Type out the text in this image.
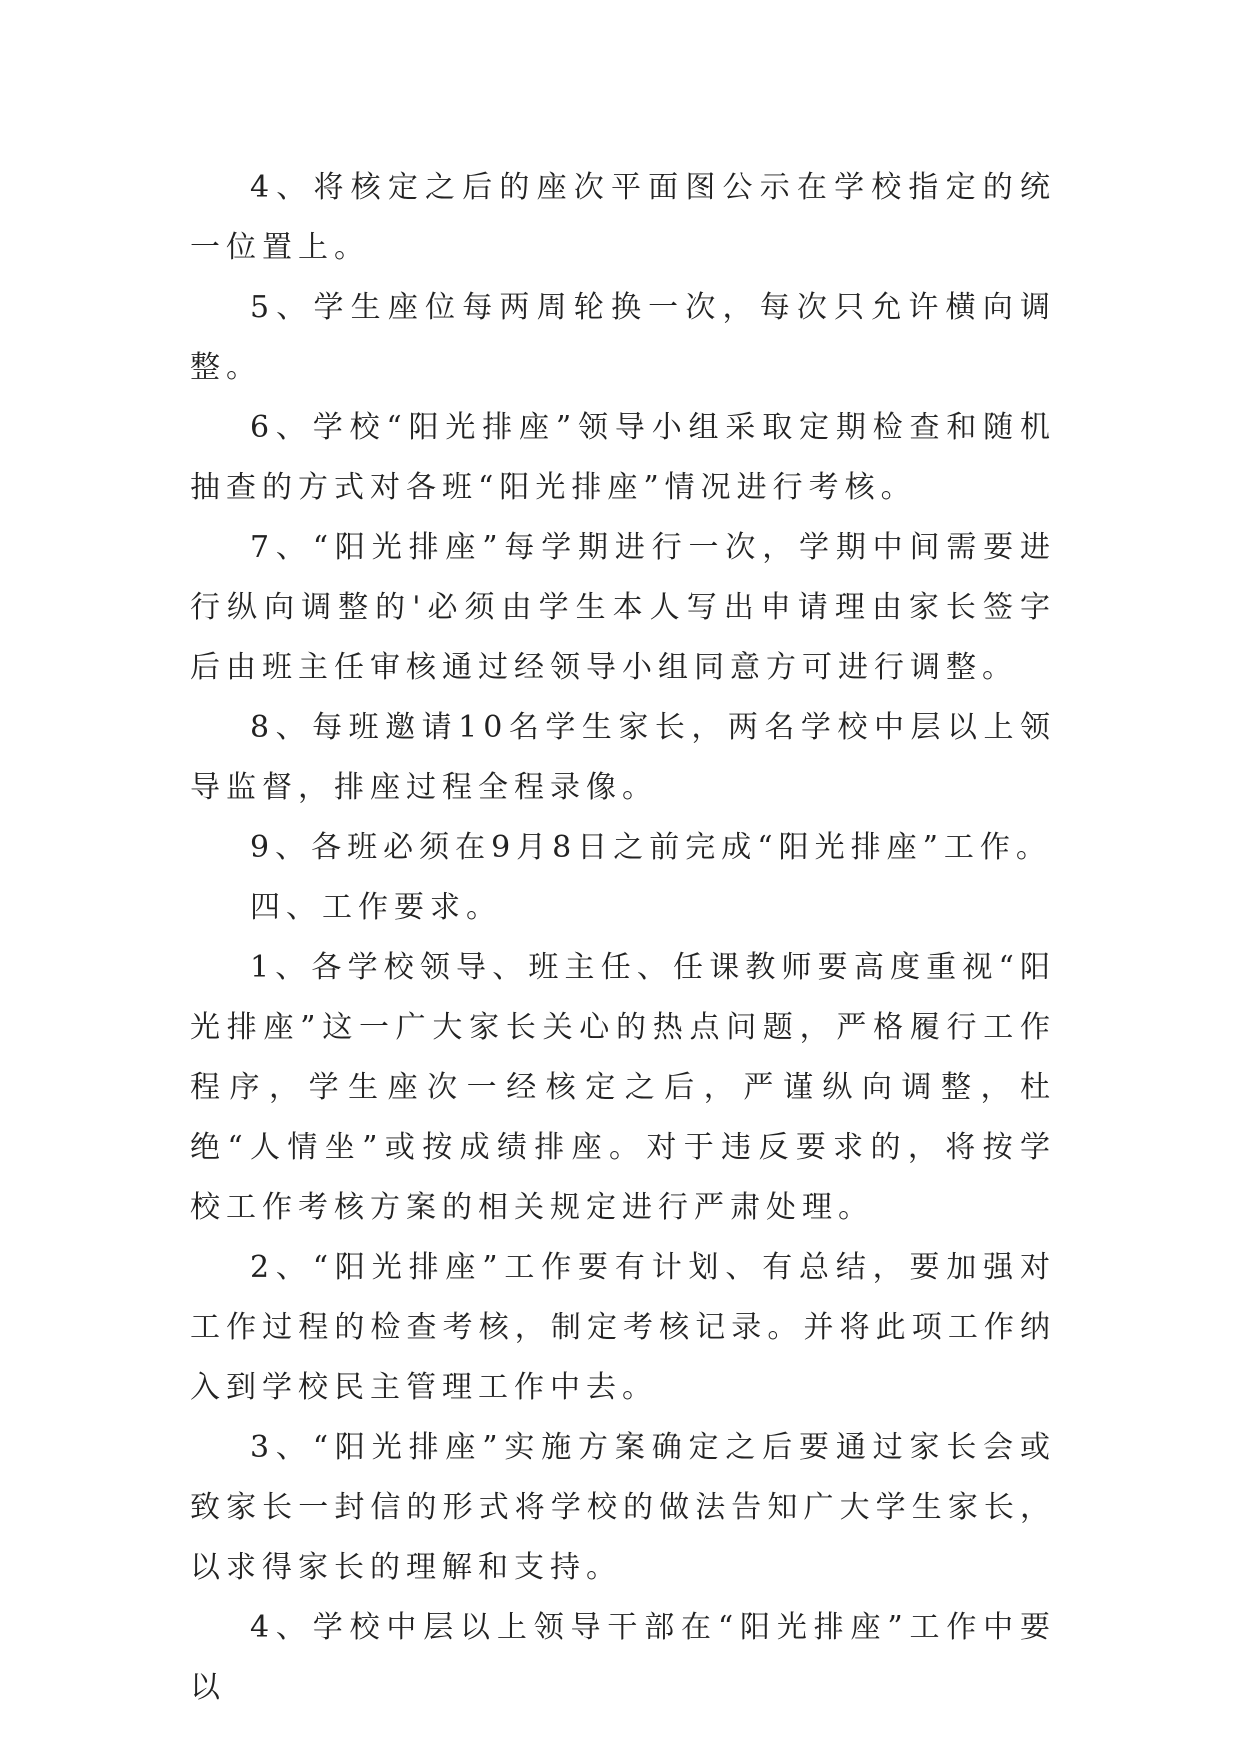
4、将核定之后的座次平面图公示在学校指定的统一位置上。

5、学生座位每两周轮换一次，每次只允许横向调整。

6、学校“阳光排座”领导小组采取定期检查和随机抽查的方式对各班“阳光排座”情况进行考核。

7、“阳光排座”每学期进行一次，学期中间需要进行纵向调整的'必须由学生本人写出申请理由家长签字后由班主任审核通过经领导小组同意方可进行调整。

8、每班邀请10名学生家长，两名学校中层以上领导监督，排座过程全程录像。

9、各班必须在9月8日之前完成“阳光排座”工作。

四、工作要求。

1、各学校领导、班主任、任课教师要高度重视“阳光排座”这一广大家长关心的热点问题，严格履行工作程序，学生座次一经核定之后，严谨纵向调整，杜绝“人情坐”或按成绩排座。对于违反要求的，将按学校工作考核方案的相关规定进行严肃处理。

2、“阳光排座”工作要有计划、有总结，要加强对工作过程的检查考核，制定考核记录。并将此项工作纳入到学校民主管理工作中去。

3、“阳光排座”实施方案确定之后要通过家长会或致家长一封信的形式将学校的做法告知广大学生家长，以求得家长的理解和支持。

4、学校中层以上领导干部在“阳光排座”工作中要以
